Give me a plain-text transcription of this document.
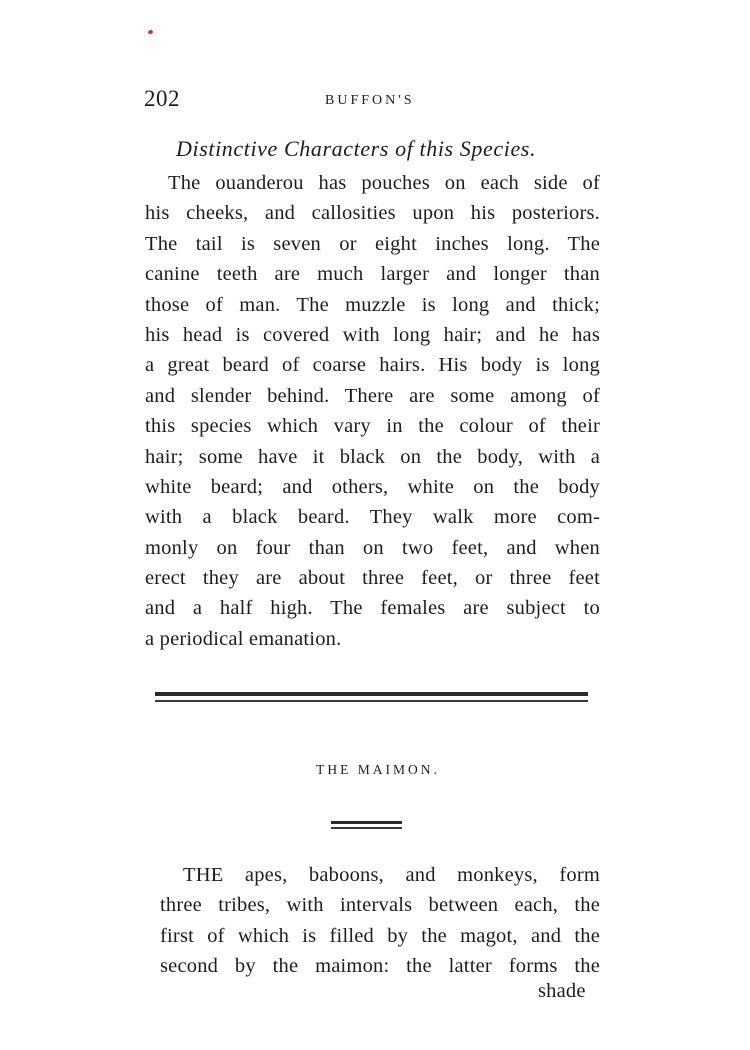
202	BUFFON'S
Distinctive Characters of this Species.
The ouanderou has pouches on each side of
his cheeks, and callosities upon his posteriors.
The tail is seven or eight inches long. The
canine teeth are much larger and longer than
those of man. The muzzle is long and thick;
his head is covered with long hair; and he has
a great beard of coarse hairs. His body is long
and slender behind. There are some among of
this species which vary in the colour of their
hair; some have it black on the body, with a
white beard; and others, white on the body
with a black beard. They walk more com-
monly on four than on two feet, and when
erect they are about three feet, or three feet
and a half high. The females are subject to
a periodical emanation.
THE MAIMON.
THE apes, baboons, and monkeys, form
three tribes, with intervals between each, the
first of which is filled by the magot, and the
second by the maimon: the latter forms the
shade
